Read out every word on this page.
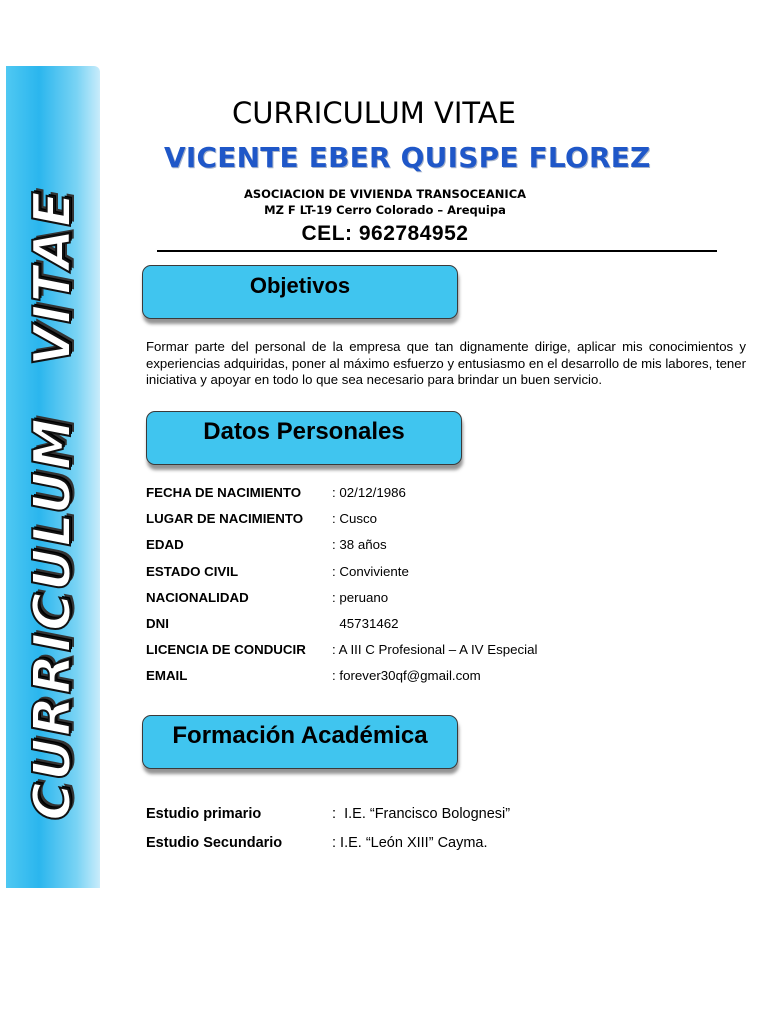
CURRICULUM VITAE
CURRICULUM VITAE
VICENTE EBER QUISPE FLOREZ
ASOCIACION DE VIVIENDA TRANSOCEANICA
MZ F LT-19 Cerro Colorado – Arequipa
CEL: 962784952
Objetivos
Formar parte del personal de la empresa que tan dignamente dirige, aplicar mis conocimientos y experiencias adquiridas, poner al máximo esfuerzo y entusiasmo en el desarrollo de mis labores, tener iniciativa y apoyar en todo lo que sea necesario para brindar un buen servicio.
Datos Personales
FECHA DE NACIMIENTO : 02/12/1986
LUGAR DE NACIMIENTO : Cusco
EDAD	: 38 años
ESTADO CIVIL	: Conviviente
NACIONALIDAD	: peruano
DNI	45731462
LICENCIA DE CONDUCIR : A III C Profesional – A IV Especial
EMAIL	: forever30qf@gmail.com
Formación Académica
Estudio primario	:  I.E. “Francisco Bolognesi”
Estudio Secundario	: I.E. “León XIII” Cayma.
